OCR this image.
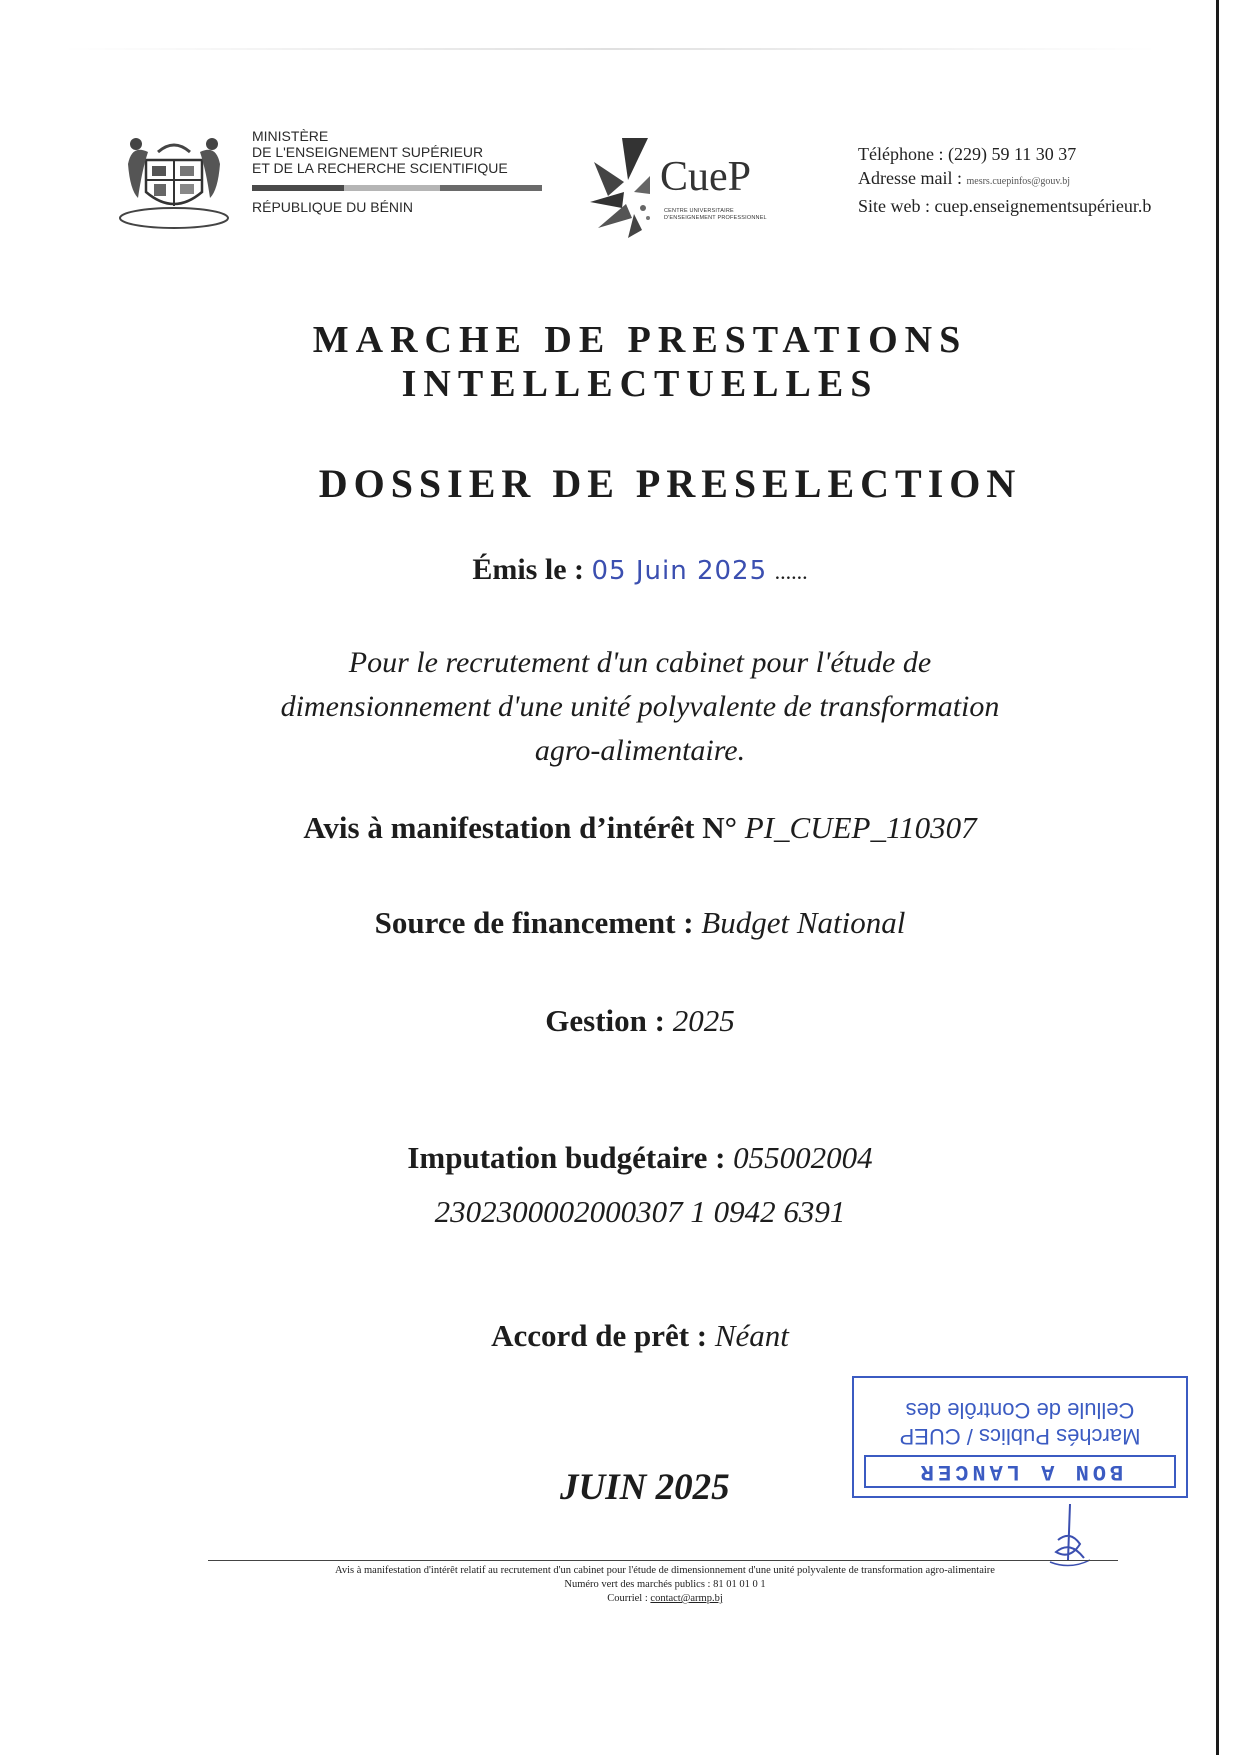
MINISTÈRE
DE L'ENSEIGNEMENT SUPÉRIEUR
ET DE LA RECHERCHE SCIENTIFIQUE
RÉPUBLIQUE DU BÉNIN
CueP
CENTRE UNIVERSITAIRE D'ENSEIGNEMENT PROFESSIONNEL
Téléphone : (229) 59 11 30 37
Adresse mail : mesrs.cuepinfos@gouv.bj
Site web : cuep.enseignementsupérieur.b
MARCHE DE PRESTATIONS
INTELLECTUELLES
DOSSIER DE PRESELECTION
Émis le : 05 Juin 2025 ......
Pour le recrutement d'un cabinet pour l'étude de
dimensionnement d'une unité polyvalente de transformation
agro-alimentaire.
Avis à manifestation d’intérêt N° PI_CUEP_110307
Source de financement : Budget National
Gestion : 2025
Imputation budgétaire : 055002004
2302300002000307 1 0942 6391
Accord de prêt : Néant
JUIN 2025	BON A LANCER
Marchés Publics / CUEP
Cellule de Contrôle des
Avis à manifestation d'intérêt relatif au recrutement d'un cabinet pour l'étude de dimensionnement d'une unité polyvalente de transformation agro-alimentaire
Numéro vert des marchés publics : 81 01 01 0 1
Courriel : contact@armp.bj
